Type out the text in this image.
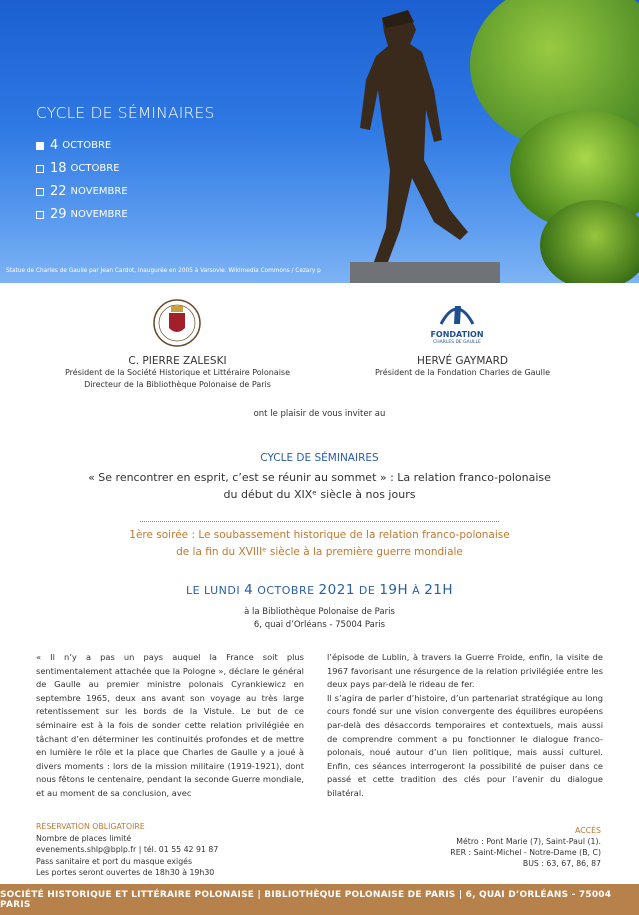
CYCLE DE SÉMINAIRES
4 OCTOBRE
18 OCTOBRE
22 NOVEMBRE
29 NOVEMBRE
Statue de Charles de Gaulle par Jean Cardot, inaugurée en 2005 à Varsovie. Wikimedia Commons / Cezary p
FONDATION
CHARLES DE GAULLE
C. PIERRE ZALESKI
Président de la Société Historique et Littéraire Polonaise
Directeur de la Bibliothèque Polonaise de Paris
HERVÉ GAYMARD
Président de la Fondation Charles de Gaulle
ont le plaisir de vous inviter au
CYCLE DE SÉMINAIRES
« Se rencontrer en esprit, c’est se réunir au sommet » : La relation franco-polonaise
du début du XIXᵉ siècle à nos jours
1ère soirée : Le soubassement historique de la relation franco-polonaise
de la fin du XVIIIᵉ siècle à la première guerre mondiale
LE LUNDI 4 OCTOBRE 2021 DE 19H À 21H
à la Bibliothèque Polonaise de Paris
6, quai d’Orléans - 75004 Paris

« Il n’y a pas un pays auquel la France soit plus sentimentalement attachée que la Pologne », déclare le général de Gaulle au premier ministre polonais Cyrankiewicz en septembre 1965, deux ans avant son voyage au très large retentissement sur les bords de la Vistule. Le but de ce séminaire est à la fois de sonder cette relation privilégiée en tâchant d’en déterminer les continuités profondes et de mettre en lumière le rôle et la place que Charles de Gaulle y a joué à divers moments : lors de la mission militaire (1919-1921), dont nous fêtons le centenaire, pendant la seconde Guerre mondiale, et au moment de sa conclusion, avec

l’épisode de Lublin, à travers la Guerre Froide, enfin, la visite de 1967 favorisant une résurgence de la relation privilégiée entre les deux pays par-delà le rideau de fer.

Il s’agira de parler d’histoire, d’un partenariat stratégique au long cours fondé sur une vision convergente des équilibres européens par-delà des désaccords temporaires et contextuels, mais aussi de comprendre comment a pu fonctionner le dialogue franco-polonais, noué autour d’un lien politique, mais aussi culturel. Enfin, ces séances interrogeront la possibilité de puiser dans ce passé et cette tradition des clés pour l’avenir du dialogue bilatéral.

RÉSERVATION OBLIGATOIRE
Nombre de places limité
evenements.shlp@bplp.fr | tél. 01 55 42 91 87
Pass sanitaire et port du masque exigés
Les portes seront ouvertes de 18h30 à 19h30
ACCÈS
Métro : Pont Marie (7), Saint-Paul (1).
RER : Saint-Michel - Notre-Dame (B, C)
BUS : 63, 67, 86, 87
SOCIÉTÉ HISTORIQUE ET LITTÉRAIRE POLONAISE | BIBLIOTHÈQUE POLONAISE DE PARIS | 6, QUAI D’ORLÉANS - 75004 PARIS
